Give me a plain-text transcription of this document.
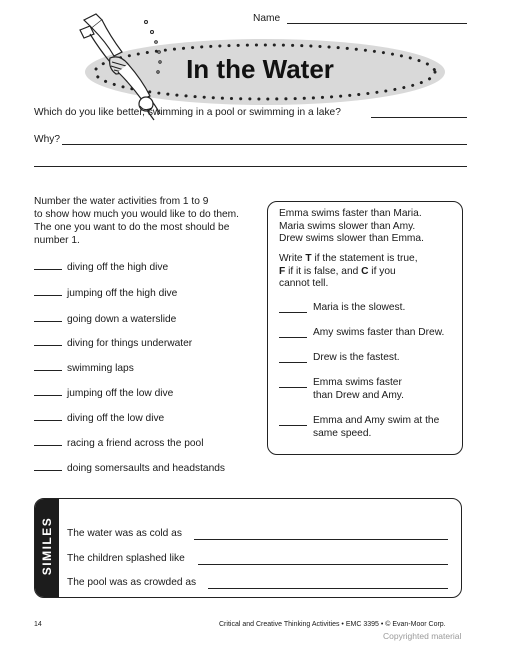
Name
In the Water
Which do you like better, swimming in a pool or swimming in a lake?
Why?
Number the water activities from 1 to 9
to show how much you would like to do them.
The one you want to do the most should be
number 1.
diving off the high dive
jumping off the high dive
going down a waterslide
diving for things underwater
swimming laps
jumping off the low dive
diving off the low dive
racing a friend across the pool
doing somersaults and headstands
Emma swims faster than Maria.
Maria swims slower than Amy.
Drew swims slower than Emma.
Write T if the statement is true,
F if it is false, and C if you
cannot tell.
Maria is the slowest.
Amy swims faster than Drew.
Drew is the fastest.
Emma swims faster than Drew and Amy.
Emma and Amy swim at the same speed.
SIMILES The water was as cold as
The children splashed like
The pool was as crowded as
14	Critical and Creative Thinking Activities • EMC 3395 • © Evan-Moor Corp.
Copyrighted material
